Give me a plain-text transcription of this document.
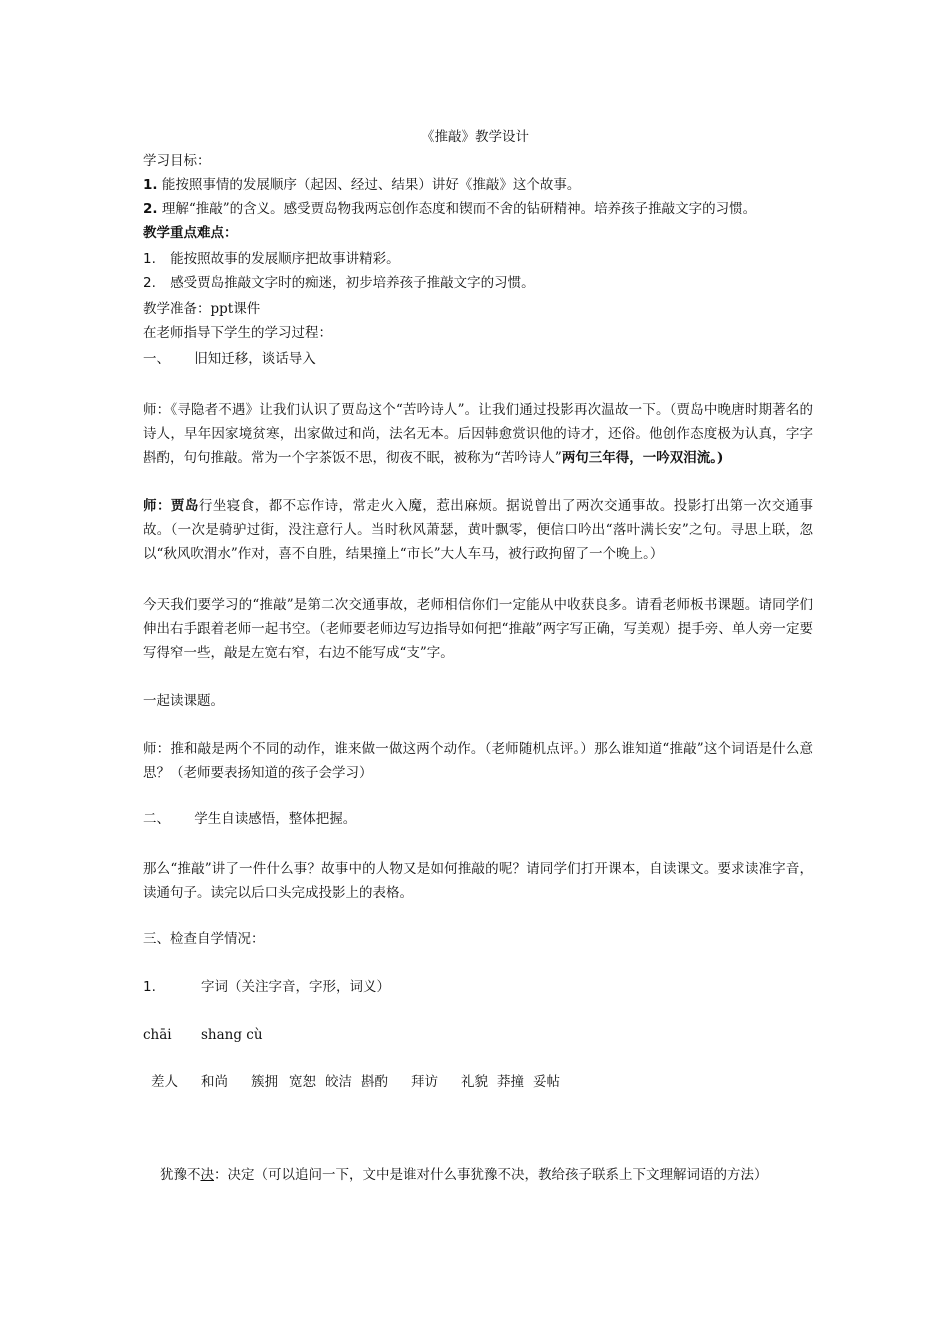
《推敲》教学设计
学习目标：
1. 能按照事情的发展顺序（起因、经过、结果）讲好《推敲》这个故事。
2. 理解“推敲”的含义。感受贾岛物我两忘创作态度和锲而不舍的钻研精神。培养孩子推敲文字的习惯。
教学重点难点：
1. 能按照故事的发展顺序把故事讲精彩。
2. 感受贾岛推敲文字时的痴迷，初步培养孩子推敲文字的习惯。
教学准备：ppt课件
在老师指导下学生的学习过程：
一、 旧知迁移，谈话导入
师：《寻隐者不遇》让我们认识了贾岛这个“苦吟诗人”。让我们通过投影再次温故一下。（贾岛中晚唐时期著名的诗人，早年因家境贫寒，出家做过和尚，法名无本。后因韩愈赏识他的诗才，还俗。他创作态度极为认真，字字斟酌，句句推敲。常为一个字茶饭不思，彻夜不眠，被称为“苦吟诗人”两句三年得，一吟双泪流。)
师：贾岛行坐寝食，都不忘作诗，常走火入魔，惹出麻烦。据说曾出了两次交通事故。投影打出第一次交通事故。（一次是骑驴过街，没注意行人。当时秋风萧瑟，黄叶飘零，便信口吟出“落叶满长安”之句。寻思上联，忽以“秋风吹渭水”作对，喜不自胜，结果撞上“市长”大人车马，被行政拘留了一个晚上。）
今天我们要学习的“推敲”是第二次交通事故，老师相信你们一定能从中收获良多。请看老师板书课题。请同学们伸出右手跟着老师一起书空。（老师要老师边写边指导如何把“推敲”两字写正确，写美观）提手旁、单人旁一定要写得窄一些，敲是左宽右窄，右边不能写成“支”字。
一起读课题。
师：推和敲是两个不同的动作，谁来做一做这两个动作。（老师随机点评。）那么谁知道“推敲”这个词语是什么意思？（老师要表扬知道的孩子会学习）
二、 学生自读感悟，整体把握。
那么“推敲”讲了一件什么事？故事中的人物又是如何推敲的呢？请同学们打开课本，自读课文。要求读准字音，读通句子。读完以后口头完成投影上的表格。
三、检查自学情况：
1.	字词（关注字音，字形，词义）
chāi shang cù
差人 和尚 簇拥 宽恕 皎洁 斟酌 拜访 礼貌 莽撞 妥帖
犹豫不决：决定（可以追问一下，文中是谁对什么事犹豫不决，教给孩子联系上下文理解词语的方法）
